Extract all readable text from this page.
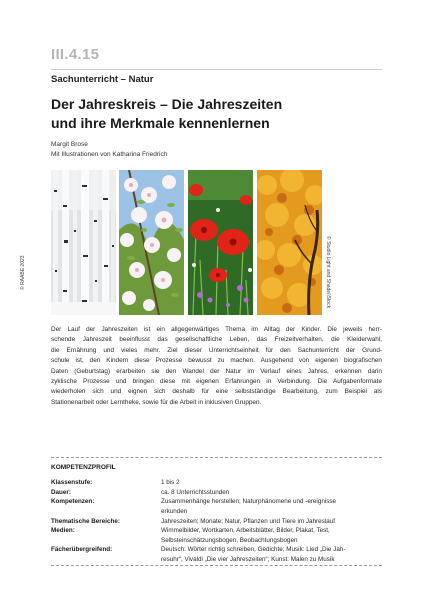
III.4.15
Sachunterricht – Natur
Der Jahreskreis – Die Jahreszeiten
und ihre Merkmale kennenlernen
Margit Brose
Mit Illustrationen von Katharina Friedrich
© RAABE 2023	© Studio Light and Shade/iStock
Der Lauf der Jahreszeiten ist ein allgegenwärtiges Thema im Alltag der Kinder. Die jeweils herr-
schende Jahreszeit beeinflusst das gesellschaftliche Leben, das Freizeitverhalten, die Kleiderwahl,
die Ernährung und vieles mehr. Ziel dieser Unterrichtseinheit für den Sachunterricht der Grund-
schule ist, den Kindern diese Prozesse bewusst zu machen. Ausgehend von eigenen biografischen
Daten (Geburtstag) erarbeiten sie den Wandel der Natur im Verlauf eines Jahres, erkennen darin
zyklische Prozesse und bringen diese mit eigenen Erfahrungen in Verbindung. Die Aufgabenformate
wiederholen sich und eignen sich deshalb für eine selbstständige Bearbeitung, zum Beispiel als
Stationenarbeit oder Lerntheke, sowie für die Arbeit in inklusiven Gruppen.
KOMPETENZPROFIL
Klassenstufe:	1 bis 2
Dauer:	ca. 8 Unterrichtsstunden
Kompetenzen:	Zusammenhänge herstellen; Naturphänomene und -ereignisse
erkunden
Thematische Bereiche:	Jahreszeiten; Monate; Natur, Pflanzen und Tiere im Jahreslauf
Medien:	Wimmelbilder, Wortkarten, Arbeitsblätter, Bilder, Plakat, Test,
Selbsteinschätzungsbogen, Beobachtungsbogen
Fächerübergreifend:	Deutsch: Wörter richtig schreiben, Gedichte; Musik: Lied „Die Jah-
resuhr“, Vivaldi „Die vier Jahreszeiten“; Kunst: Malen zu Musik
